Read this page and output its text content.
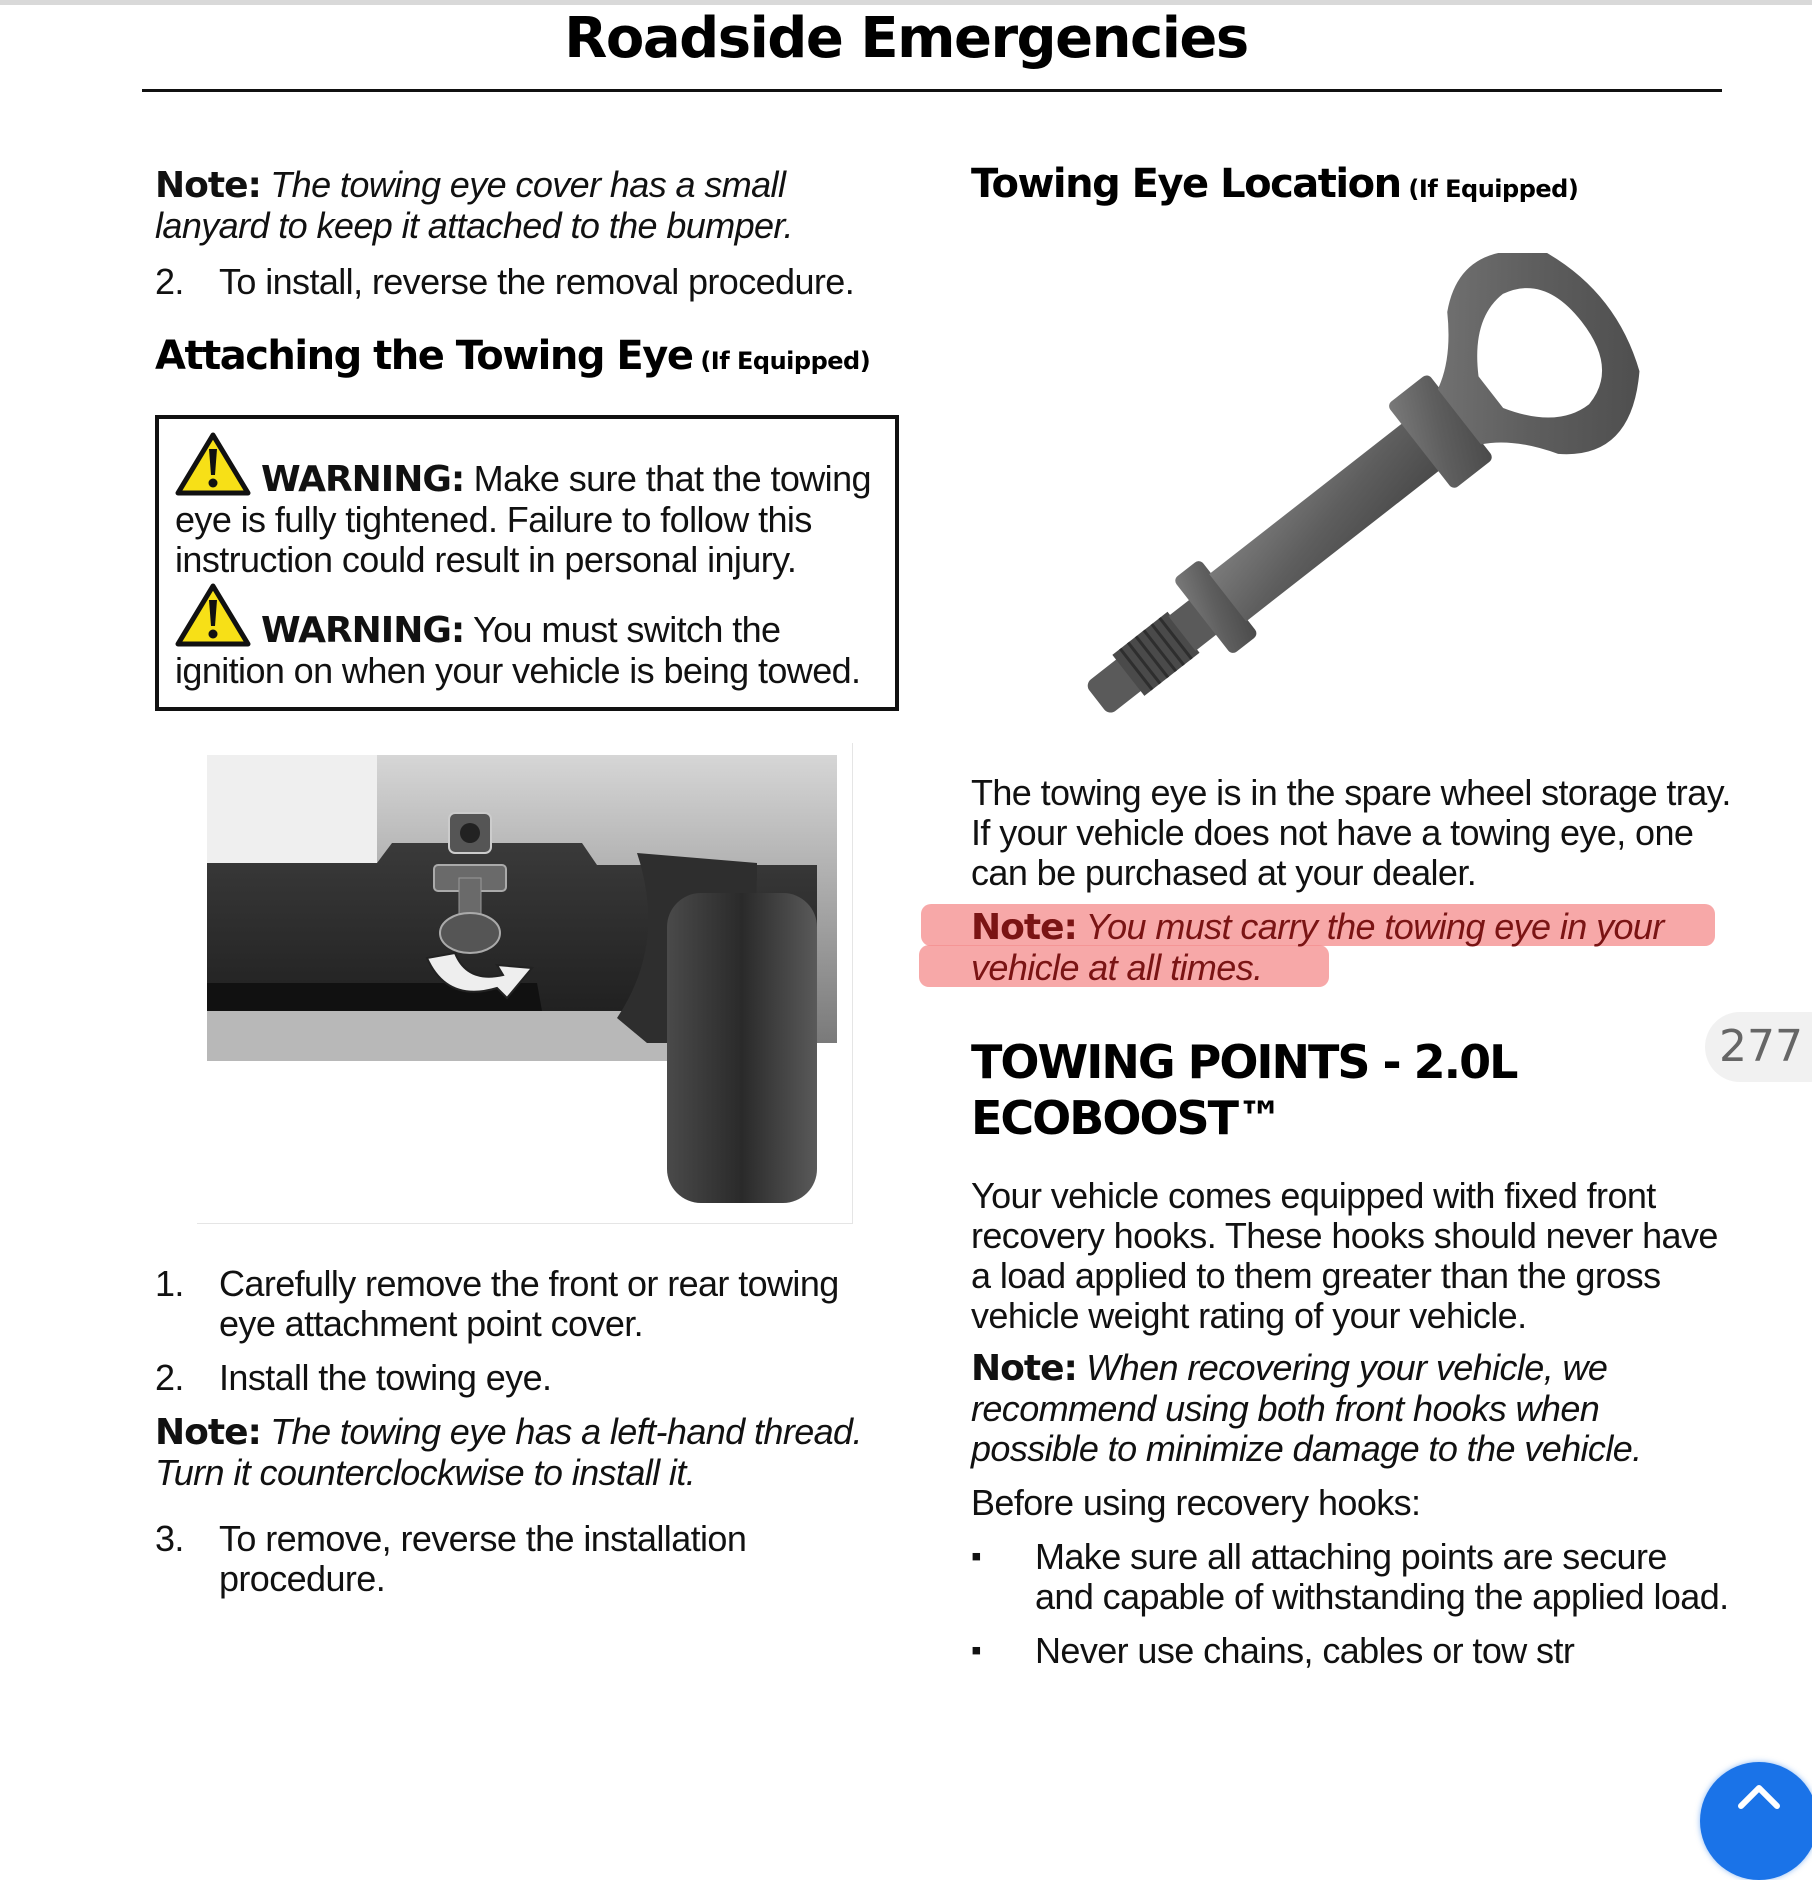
Roadside Emergencies

Note: The towing eye cover has a small lanyard to keep it attached to the bumper.

2. To install, reverse the removal procedure.
Attaching the Towing Eye (If Equipped)
WARNING: Make sure that the towing eye is fully tightened. Failure to follow this instruction could result in personal injury.
WARNING: You must switch the ignition on when your vehicle is being towed.
1. Carefully remove the front or rear towing eye attachment point cover.
2. Install the towing eye.

Note: The towing eye has a left-hand thread. Turn it counterclockwise to install it.

3. To remove, reverse the installation procedure.
Towing Eye Location (If Equipped)

The towing eye is in the spare wheel storage tray. If your vehicle does not have a towing eye, one can be purchased at your dealer.

Note: You must carry the towing eye in your vehicle at all times.

TOWING POINTS - 2.0L ECOBOOST™

Your vehicle comes equipped with fixed front recovery hooks. These hooks should never have a load applied to them greater than the gross vehicle weight rating of your vehicle.

Note: When recovering your vehicle, we recommend using both front hooks when possible to minimize damage to the vehicle.

Before using recovery hooks:

▪	Make sure all attaching points are secure and capable of withstanding the applied load.
▪	Never use chains, cables or tow str
277
